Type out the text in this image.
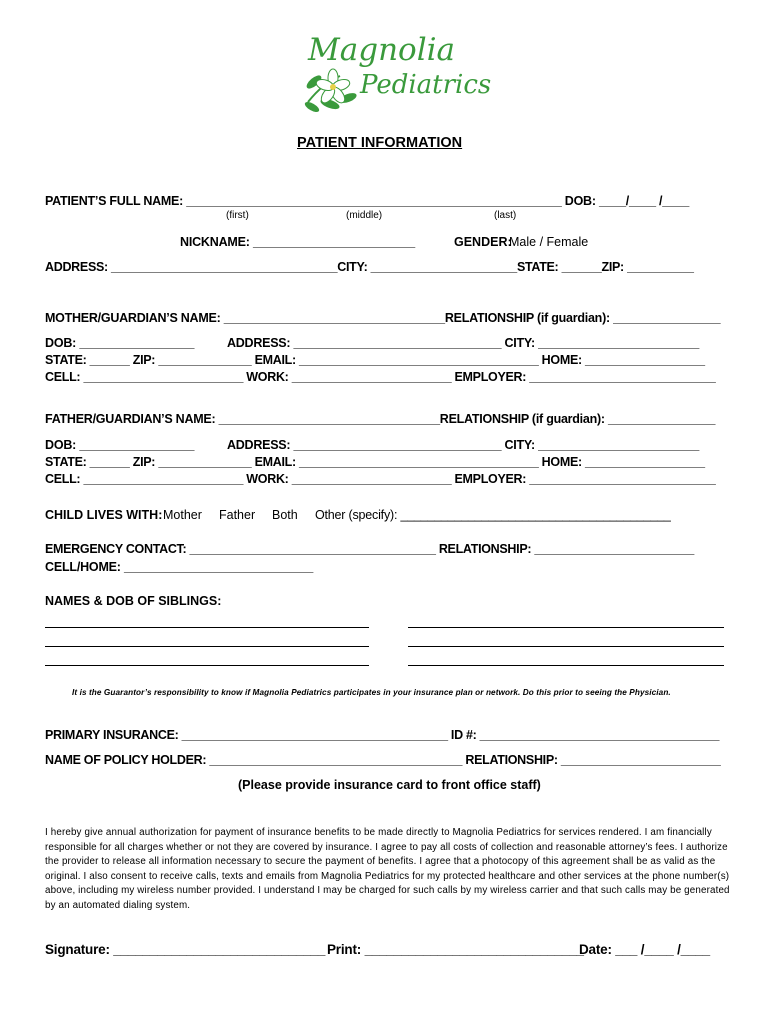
Magnolia
Pediatrics
PATIENT INFORMATION
PATIENT’S FULL NAME: ________________________________________________________ DOB: ____/____ /____
(first)	(middle)	(last)
NICKNAME: ________________________	GENDER:
Male / Female
ADDRESS: __________________________________CITY: ______________________STATE: ______ZIP: __________
MOTHER/GUARDIAN’S NAME: _________________________________RELATIONSHIP (if guardian): ________________
DOB: _________________	ADDRESS: _______________________________ CITY: ________________________
STATE: ______ ZIP: ______________ EMAIL: ____________________________________ HOME: __________________
CELL: ________________________ WORK: ________________________ EMPLOYER: ____________________________
FATHER/GUARDIAN’S NAME: _________________________________RELATIONSHIP (if guardian): ________________
DOB: _________________	ADDRESS: _______________________________ CITY: ________________________
STATE: ______ ZIP: ______________ EMAIL: ____________________________________ HOME: __________________
CELL: ________________________ WORK: ________________________ EMPLOYER: ____________________________
CHILD LIVES WITH: Mother Father Both Other (specify): ________________________________________
EMERGENCY CONTACT: _____________________________________ RELATIONSHIP: ________________________
CELL/HOME: ____________________________
NAMES & DOB OF SIBLINGS:
It is the Guarantor’s responsibility to know if Magnolia Pediatrics participates in your insurance plan or network. Do this prior to seeing the Physician.
PRIMARY INSURANCE: ________________________________________ ID #: ____________________________________
NAME OF POLICY HOLDER: ______________________________________ RELATIONSHIP: ________________________
(Please provide insurance card to front office staff)
I hereby give annual authorization for payment of insurance benefits to be made directly to Magnolia Pediatrics for services rendered. I am financially responsible for all charges whether or not they are covered by insurance. I agree to pay all costs of collection and reasonable attorney’s fees. I authorize the provider to release all information necessary to secure the payment of benefits. I agree that a photocopy of this agreement shall be as valid as the original. I also consent to receive calls, texts and emails from Magnolia Pediatrics for my protected healthcare and other services at the phone number(s) above, including my wireless number provided. I understand I may be charged for such calls by my wireless carrier and that such calls may be generated by an automated dialing system.
Signature: _____________________________ Print: ______________________________
Date: ___ /____ /____
